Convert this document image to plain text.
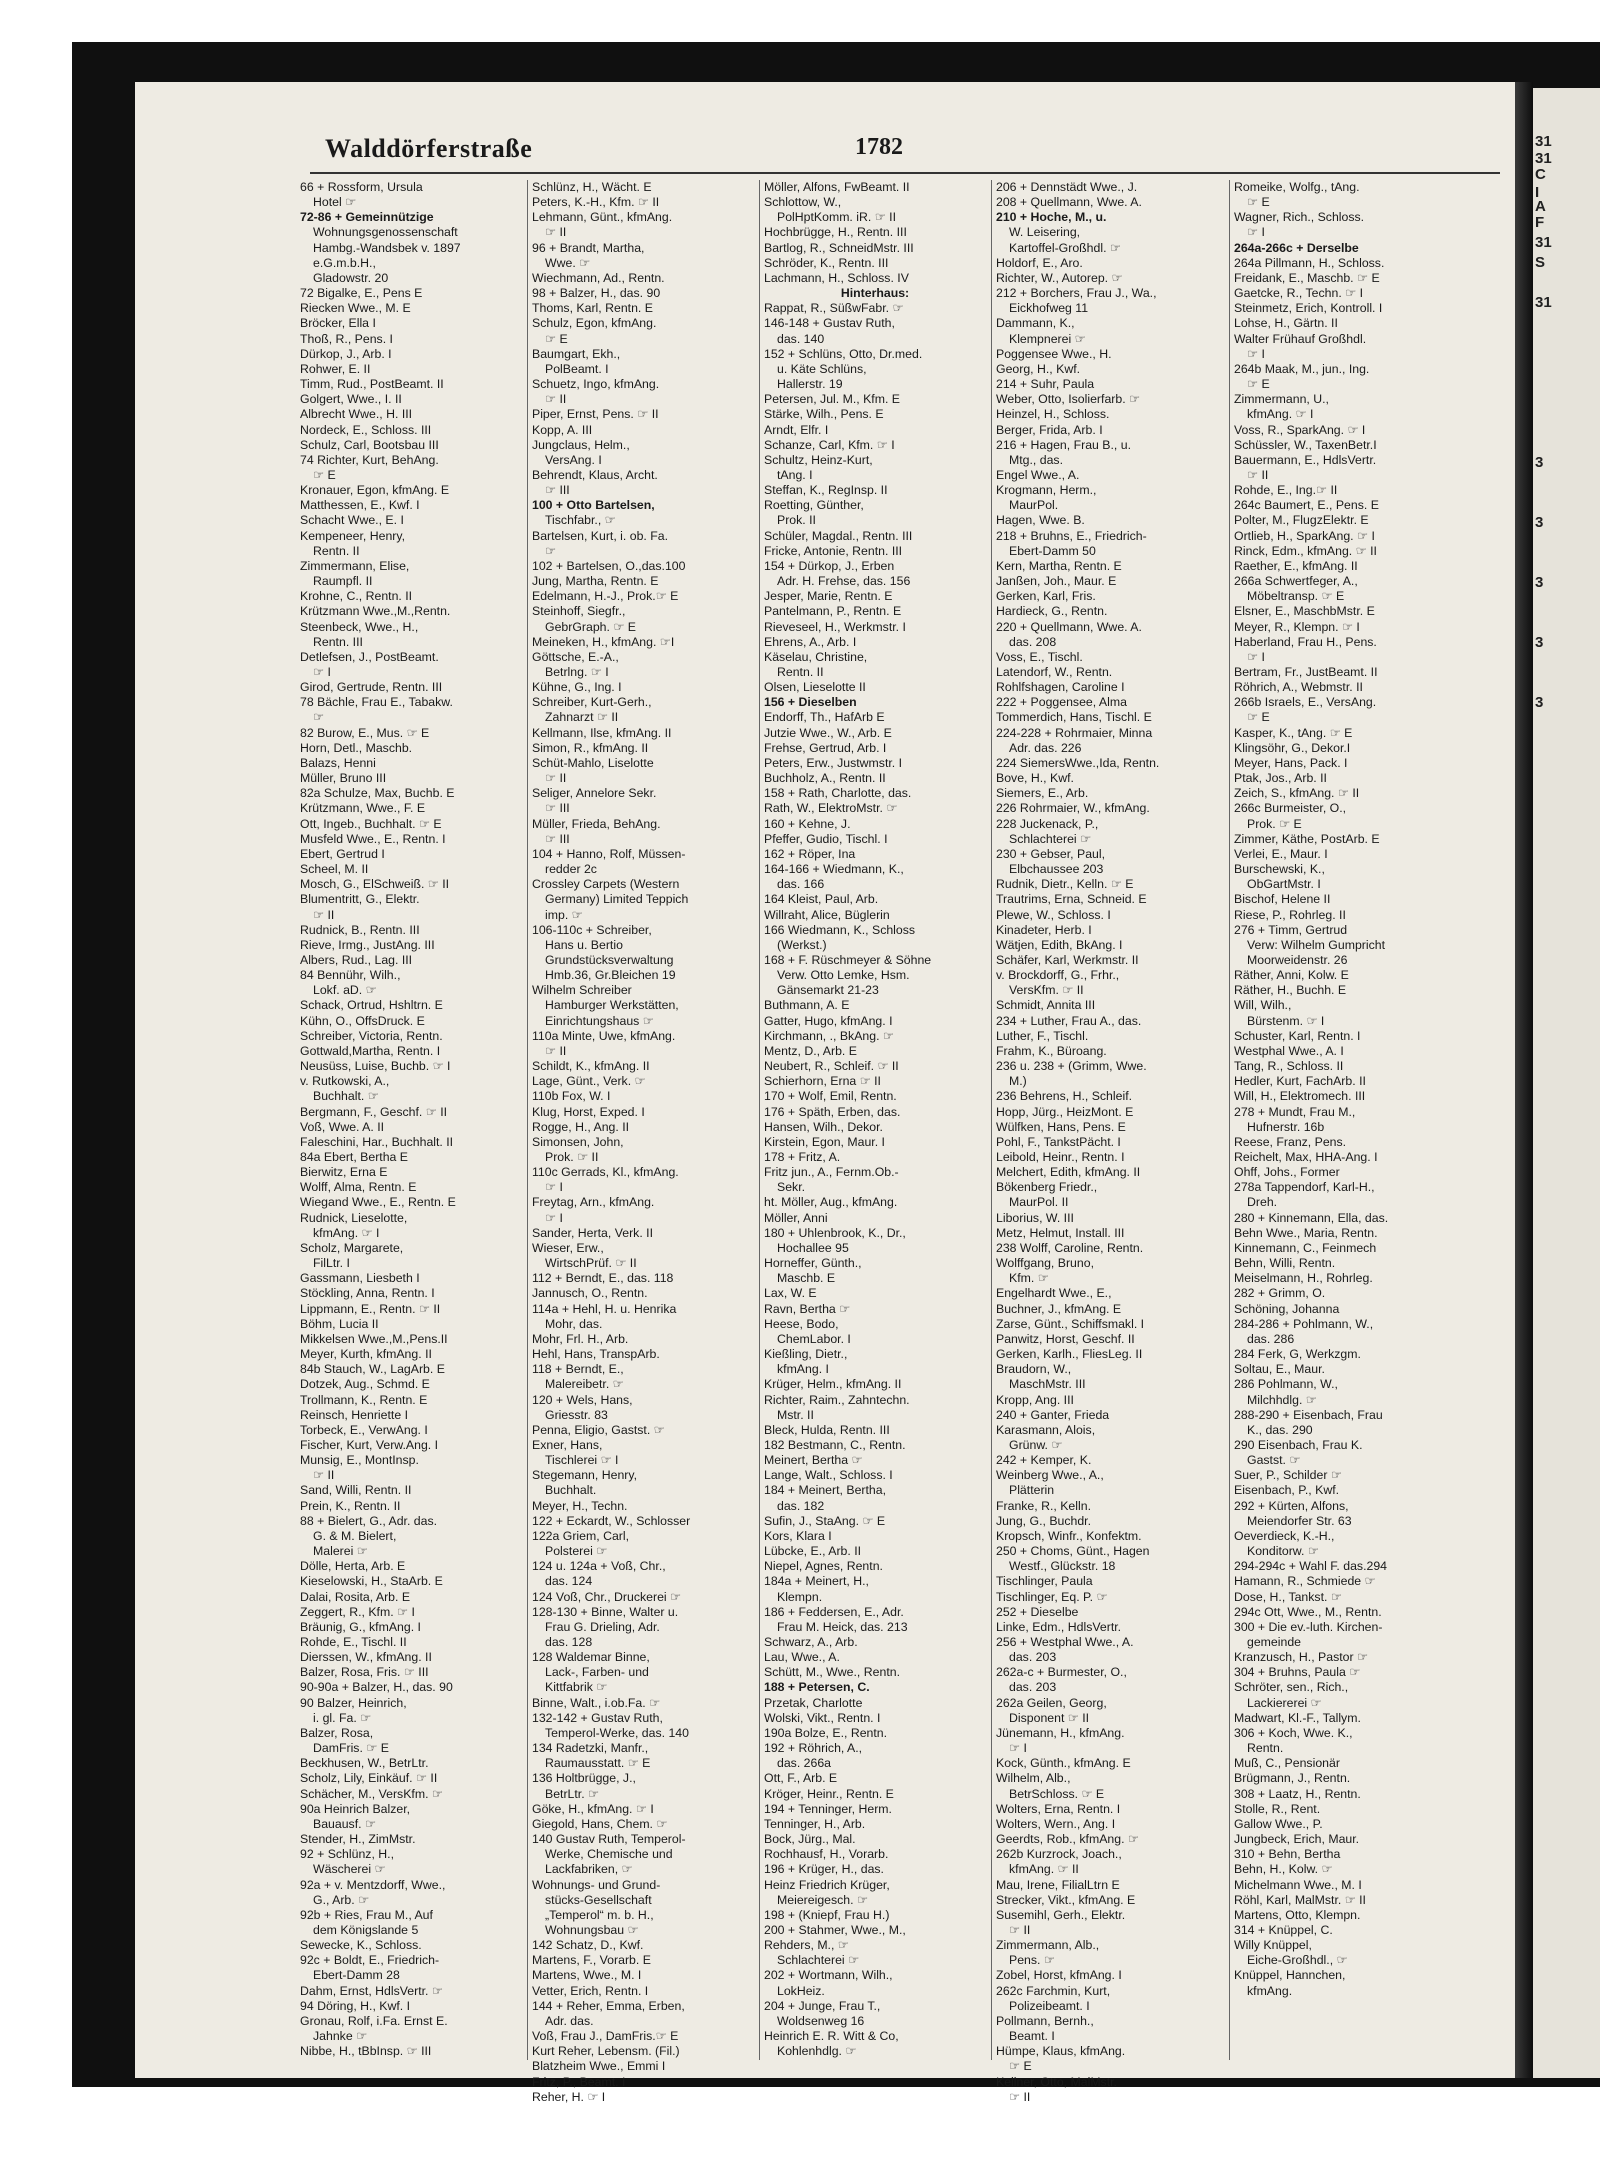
31
31
C
I
A
F
31
S
31
3
3
3
3
3
Walddörferstraße	1782
66 + Rossform, Ursula
Hotel ☞
72-86 + Gemeinnützige
Wohnungsgenossenschaft
Hambg.-Wandsbek v. 1897
e.G.m.b.H.,
Gladowstr. 20
72 Bigalke, E., Pens E
Riecken Wwe., M. E
Bröcker, Ella I
Thoß, R., Pens. I
Dürkop, J., Arb. I
Rohwer, E. II
Timm, Rud., PostBeamt. II
Golgert, Wwe., I. II
Albrecht Wwe., H. III
Nordeck, E., Schloss. III
Schulz, Carl, Bootsbau III
74 Richter, Kurt, BehAng.
☞ E
Kronauer, Egon, kfmAng. E
Matthessen, E., Kwf. I
Schacht Wwe., E. I
Kempeneer, Henry,
Rentn. II
Zimmermann, Elise,
Raumpfl. II
Krohne, C., Rentn. II
Krützmann Wwe.,M.,Rentn.
Steenbeck, Wwe., H.,
Rentn. III
Detlefsen, J., PostBeamt.
☞ I
Girod, Gertrude, Rentn. III
78 Bächle, Frau E., Tabakw.
☞
82 Burow, E., Mus. ☞ E
Horn, Detl., Maschb.
Balazs, Henni
Müller, Bruno III
82a Schulze, Max, Buchb. E
Krützmann, Wwe., F. E
Ott, Ingeb., Buchhalt. ☞ E
Musfeld Wwe., E., Rentn. I
Ebert, Gertrud I
Scheel, M. II
Mosch, G., ElSchweiß. ☞ II
Blumentritt, G., Elektr.
☞ II
Rudnick, B., Rentn. III
Rieve, Irmg., JustAng. III
Albers, Rud., Lag. III
84 Bennühr, Wilh.,
Lokf. aD. ☞
Schack, Ortrud, Hshltrn. E
Kühn, O., OffsDruck. E
Schreiber, Victoria, Rentn.
Gottwald,Martha, Rentn. I
Neusüss, Luise, Buchb. ☞ I
v. Rutkowski, A.,
Buchhalt. ☞
Bergmann, F., Geschf. ☞ II
Voß, Wwe. A. II
Faleschini, Har., Buchhalt. II
84a Ebert, Bertha E
Bierwitz, Erna E
Wolff, Alma, Rentn. E
Wiegand Wwe., E., Rentn. E
Rudnick, Lieselotte,
kfmAng. ☞ I
Scholz, Margarete,
FilLtr. I
Gassmann, Liesbeth I
Stöckling, Anna, Rentn. I
Lippmann, E., Rentn. ☞ II
Böhm, Lucia II
Mikkelsen Wwe.,M.,Pens.II
Meyer, Kurth, kfmAng. II
84b Stauch, W., LagArb. E
Dotzek, Aug., Schmd. E
Trollmann, K., Rentn. E
Reinsch, Henriette I
Torbeck, E., VerwAng. I
Fischer, Kurt, Verw.Ang. I
Munsig, E., MontInsp.
☞ II
Sand, Willi, Rentn. II
Prein, K., Rentn. II
88 + Bielert, G., Adr. das.
G. & M. Bielert,
Malerei ☞
Dölle, Herta, Arb. E
Kieselowski, H., StaArb. E
Dalai, Rosita, Arb. E
Zeggert, R., Kfm. ☞ I
Bräunig, G., kfmAng. I
Rohde, E., Tischl. II
Dierssen, W., kfmAng. II
Balzer, Rosa, Fris. ☞ III
90-90a + Balzer, H., das. 90
90 Balzer, Heinrich,
i. gl. Fa. ☞
Balzer, Rosa,
DamFris. ☞ E
Beckhusen, W., BetrLtr.
Scholz, Lily, Einkäuf. ☞ II
Schächer, M., VersKfm. ☞
90a Heinrich Balzer,
Bauausf. ☞
Stender, H., ZimMstr.
92 + Schlünz, H.,
Wäscherei ☞
92a + v. Mentzdorff, Wwe.,
G., Arb. ☞
92b + Ries, Frau M., Auf
dem Königslande 5
Sewecke, K., Schloss.
92c + Boldt, E., Friedrich-
Ebert-Damm 28
Dahm, Ernst, HdlsVertr. ☞
94 Döring, H., Kwf. I
Gronau, Rolf, i.Fa. Ernst E.
Jahnke ☞
Nibbe, H., tBbInsp. ☞ III
Schlünz, H., Wächt. E
Peters, K.-H., Kfm. ☞ II
Lehmann, Günt., kfmAng.
☞ II
96 + Brandt, Martha,
Wwe. ☞
Wiechmann, Ad., Rentn.
98 + Balzer, H., das. 90
Thoms, Karl, Rentn. E
Schulz, Egon, kfmAng.
☞ E
Baumgart, Ekh.,
PolBeamt. I
Schuetz, Ingo, kfmAng.
☞ II
Piper, Ernst, Pens. ☞ II
Kopp, A. III
Jungclaus, Helm.,
VersAng. I
Behrendt, Klaus, Archt.
☞ III
100 + Otto Bartelsen,
Tischfabr., ☞
Bartelsen, Kurt, i. ob. Fa.
☞
102 + Bartelsen, O.,das.100
Jung, Martha, Rentn. E
Edelmann, H.-J., Prok.☞ E
Steinhoff, Siegfr.,
GebrGraph. ☞ E
Meineken, H., kfmAng. ☞I
Göttsche, E.-A.,
Betrlng. ☞ I
Kühne, G., Ing. I
Schreiber, Kurt-Gerh.,
Zahnarzt ☞ II
Kellmann, Ilse, kfmAng. II
Simon, R., kfmAng. II
Schüt-Mahlo, Liselotte
☞ II
Seliger, Annelore Sekr.
☞ III
Müller, Frieda, BehAng.
☞ III
104 + Hanno, Rolf, Müssen-
redder 2c
Crossley Carpets (Western
Germany) Limited Teppich
imp. ☞
106-110c + Schreiber,
Hans u. Bertio
Grundstücksverwaltung
Hmb.36, Gr.Bleichen 19
Wilhelm Schreiber
Hamburger Werkstätten,
Einrichtungshaus ☞
110a Minte, Uwe, kfmAng.
☞ II
Schildt, K., kfmAng. II
Lage, Günt., Verk. ☞
110b Fox, W. I
Klug, Horst, Exped. I
Rogge, H., Ang. II
Simonsen, John,
Prok. ☞ II
110c Gerrads, Kl., kfmAng.
☞ I
Freytag, Arn., kfmAng.
☞ I
Sander, Herta, Verk. II
Wieser, Erw.,
WirtschPrüf. ☞ II
112 + Berndt, E., das. 118
Jannusch, O., Rentn.
114a + Hehl, H. u. Henrika
Mohr, das.
Mohr, Frl. H., Arb.
Hehl, Hans, TranspArb.
118 + Berndt, E.,
Malereibetr. ☞
120 + Wels, Hans,
Griesstr. 83
Penna, Eligio, Gastst. ☞
Exner, Hans,
Tischlerei ☞ I
Stegemann, Henry,
Buchhalt.
Meyer, H., Techn.
122 + Eckardt, W., Schlosser
122a Griem, Carl,
Polsterei ☞
124 u. 124a + Voß, Chr.,
das. 124
124 Voß, Chr., Druckerei ☞
128-130 + Binne, Walter u.
Frau G. Drieling, Adr.
das. 128
128 Waldemar Binne,
Lack-, Farben- und
Kittfabrik ☞
Binne, Walt., i.ob.Fa. ☞
132-142 + Gustav Ruth,
Temperol-Werke, das. 140
134 Radetzki, Manfr.,
Raumausstatt. ☞ E
136 Holtbrügge, J.,
BetrLtr. ☞
Göke, H., kfmAng. ☞ I
Giegold, Hans, Chem. ☞
140 Gustav Ruth, Temperol-
Werke, Chemische und
Lackfabriken, ☞
Wohnungs- und Grund-
stücks-Gesellschaft
„Temperol“ m. b. H.,
Wohnungsbau ☞
142 Schatz, D., Kwf.
Martens, F., Vorarb. E
Martens, Wwe., M. I
Vetter, Erich, Rentn. I
144 + Reher, Emma, Erben,
Adr. das.
Voß, Frau J., DamFris.☞ E
Kurt Reher, Lebensm. (Fil.)
Blatzheim Wwe., Emmi I
Fritz, P., Beamt. I
Reher, H. ☞ I
Möller, Alfons, FwBeamt. II
Schlottow, W.,
PolHptKomm. iR. ☞ II
Hochbrügge, H., Rentn. III
Bartlog, R., SchneidMstr. III
Schröder, K., Rentn. III
Lachmann, H., Schloss. IV
Hinterhaus:
Rappat, R., SüßwFabr. ☞
146-148 + Gustav Ruth,
das. 140
152 + Schlüns, Otto, Dr.med.
u. Käte Schlüns,
Hallerstr. 19
Petersen, Jul. M., Kfm. E
Stärke, Wilh., Pens. E
Arndt, Elfr. I
Schanze, Carl, Kfm. ☞ I
Schultz, Heinz-Kurt,
tAng. I
Steffan, K., RegInsp. II
Roetting, Günther,
Prok. II
Schüler, Magdal., Rentn. III
Fricke, Antonie, Rentn. III
154 + Dürkop, J., Erben
Adr. H. Frehse, das. 156
Jesper, Marie, Rentn. E
Pantelmann, P., Rentn. E
Rieveseel, H., Werkmstr. I
Ehrens, A., Arb. I
Käselau, Christine,
Rentn. II
Olsen, Lieselotte II
156 + Dieselben
Endorff, Th., HafArb E
Jutzie Wwe., W., Arb. E
Frehse, Gertrud, Arb. I
Peters, Erw., Justwmstr. I
Buchholz, A., Rentn. II
158 + Rath, Charlotte, das.
Rath, W., ElektroMstr. ☞
160 + Kehne, J.
Pfeffer, Gudio, Tischl. I
162 + Röper, Ina
164-166 + Wiedmann, K.,
das. 166
164 Kleist, Paul, Arb.
Willraht, Alice, Büglerin
166 Wiedmann, K., Schloss
(Werkst.)
168 + F. Rüschmeyer & Söhne
Verw. Otto Lemke, Hsm.
Gänsemarkt 21-23
Buthmann, A. E
Gatter, Hugo, kfmAng. I
Kirchmann, ., BkAng. ☞
Mentz, D., Arb. E
Neubert, R., Schleif. ☞ II
Schierhorn, Erna ☞ II
170 + Wolf, Emil, Rentn.
176 + Späth, Erben, das.
Hansen, Wilh., Dekor.
Kirstein, Egon, Maur. I
178 + Fritz, A.
Fritz jun., A., Fernm.Ob.-
Sekr.
ht. Möller, Aug., kfmAng.
Möller, Anni
180 + Uhlenbrook, K., Dr.,
Hochallee 95
Horneffer, Günth.,
Maschb. E
Lax, W. E
Ravn, Bertha ☞
Heese, Bodo,
ChemLabor. I
Kießling, Dietr.,
kfmAng. I
Krüger, Helm., kfmAng. II
Richter, Raim., Zahntechn.
Mstr. II
Bleck, Hulda, Rentn. III
182 Bestmann, C., Rentn.
Meinert, Bertha ☞
Lange, Walt., Schloss. I
184 + Meinert, Bertha,
das. 182
Sufin, J., StaAng. ☞ E
Kors, Klara I
Lübcke, E., Arb. II
Niepel, Agnes, Rentn.
184a + Meinert, H.,
Klempn.
186 + Feddersen, E., Adr.
Frau M. Heick, das. 213
Schwarz, A., Arb.
Lau, Wwe., A.
Schütt, M., Wwe., Rentn.
188 + Petersen, C.
Przetak, Charlotte
Wolski, Vikt., Rentn. I
190a Bolze, E., Rentn.
192 + Röhrich, A.,
das. 266a
Ott, F., Arb. E
Kröger, Heinr., Rentn. E
194 + Tenninger, Herm.
Tenninger, H., Arb.
Bock, Jürg., Mal.
Rochhausf, H., Vorarb.
196 + Krüger, H., das.
Heinz Friedrich Krüger,
Meiereigesch. ☞
198 + (Kniepf, Frau H.)
200 + Stahmer, Wwe., M.,
Rehders, M., ☞
Schlachterei ☞
202 + Wortmann, Wilh.,
LokHeiz.
204 + Junge, Frau T.,
Woldsenweg 16
Heinrich E. R. Witt & Co,
Kohlenhdlg. ☞
206 + Dennstädt Wwe., J.
208 + Quellmann, Wwe. A.
210 + Hoche, M., u.
W. Leisering,
Kartoffel-Großhdl. ☞
Holdorf, E., Aro.
Richter, W., Autorep. ☞
212 + Borchers, Frau J., Wa.,
Eickhofweg 11
Dammann, K.,
Klempnerei ☞
Poggensee Wwe., H.
Georg, H., Kwf.
214 + Suhr, Paula
Weber, Otto, Isolierfarb. ☞
Heinzel, H., Schloss.
Berger, Frida, Arb. I
216 + Hagen, Frau B., u.
Mtg., das.
Engel Wwe., A.
Krogmann, Herm.,
MaurPol.
Hagen, Wwe. B.
218 + Bruhns, E., Friedrich-
Ebert-Damm 50
Kern, Martha, Rentn. E
Janßen, Joh., Maur. E
Gerken, Karl, Fris.
Hardieck, G., Rentn.
220 + Quellmann, Wwe. A.
das. 208
Voss, E., Tischl.
Latendorf, W., Rentn.
Rohlfshagen, Caroline I
222 + Poggensee, Alma
Tommerdich, Hans, Tischl. E
224-228 + Rohrmaier, Minna
Adr. das. 226
224 SiemersWwe.,Ida, Rentn.
Bove, H., Kwf.
Siemers, E., Arb.
226 Rohrmaier, W., kfmAng.
228 Juckenack, P.,
Schlachterei ☞
230 + Gebser, Paul,
Elbchaussee 203
Rudnik, Dietr., Kelln. ☞ E
Trautrims, Erna, Schneid. E
Plewe, W., Schloss. I
Kinadeter, Herb. I
Wätjen, Edith, BkAng. I
Schäfer, Karl, Werkmstr. II
v. Brockdorff, G., Frhr.,
VersKfm. ☞ II
Schmidt, Annita III
234 + Luther, Frau A., das.
Luther, F., Tischl.
Frahm, K., Büroang.
236 u. 238 + (Grimm, Wwe.
M.)
236 Behrens, H., Schleif.
Hopp, Jürg., HeizMont. E
Wülfken, Hans, Pens. E
Pohl, F., TankstPächt. I
Leibold, Heinr., Rentn. I
Melchert, Edith, kfmAng. II
Bökenberg Friedr.,
MaurPol. II
Liborius, W. III
Metz, Helmut, Install. III
238 Wolff, Caroline, Rentn.
Wolffgang, Bruno,
Kfm. ☞
Engelhardt Wwe., E.,
Buchner, J., kfmAng. E
Zarse, Günt., Schiffsmakl. I
Panwitz, Horst, Geschf. II
Gerken, Karlh., FliesLeg. II
Braudorn, W.,
MaschMstr. III
Kropp, Ang. III
240 + Ganter, Frieda
Karasmann, Alois,
Grünw. ☞
242 + Kemper, K.
Weinberg Wwe., A.,
Plätterin
Franke, R., Kelln.
Jung, G., Buchdr.
Kropsch, Winfr., Konfektm.
250 + Choms, Günt., Hagen
Westf., Glückstr. 18
Tischlinger, Paula
Tischlinger, Eq. P. ☞
252 + Dieselbe
Linke, Edm., HdlsVertr.
256 + Westphal Wwe., A.
das. 203
262a-c + Burmester, O.,
das. 203
262a Geilen, Georg,
Disponent ☞ II
Jünemann, H., kfmAng.
☞ I
Kock, Günth., kfmAng. E
Wilhelm, Alb.,
BetrSchloss. ☞ E
Wolters, Erna, Rentn. I
Wolters, Wern., Ang. I
Geerdts, Rob., kfmAng. ☞
262b Kurzrock, Joach.,
kfmAng. ☞ II
Mau, Irene, FilialLtrn E
Strecker, Vikt., kfmAng. E
Susemihl, Gerh., Elektr.
☞ II
Zimmermann, Alb.,
Pens. ☞
Zobel, Horst, kfmAng. I
262c Farchmin, Kurt,
Polizeibeamt. I
Pollmann, Bernh.,
Beamt. I
Hümpe, Klaus, kfmAng.
☞ E
Kellner, Otto, MalMstr.
☞ II
Romeike, Wolfg., tAng.
☞ E
Wagner, Rich., Schloss.
☞ I
264a-266c + Derselbe
264a Pillmann, H., Schloss.
Freidank, E., Maschb. ☞ E
Gaetcke, R., Techn. ☞ I
Steinmetz, Erich, Kontroll. I
Lohse, H., Gärtn. II
Walter Frühauf Großhdl.
☞ I
264b Maak, M., jun., Ing.
☞ E
Zimmermann, U.,
kfmAng. ☞ I
Voss, R., SparkAng. ☞ I
Schüssler, W., TaxenBetr.I
Bauermann, E., HdlsVertr.
☞ II
Rohde, E., Ing.☞ II
264c Baumert, E., Pens. E
Polter, M., FlugzElektr. E
Ortlieb, H., SparkAng. ☞ I
Rinck, Edm., kfmAng. ☞ II
Raether, E., kfmAng. II
266a Schwertfeger, A.,
Möbeltransp. ☞ E
Elsner, E., MaschbMstr. E
Meyer, R., Klempn. ☞ I
Haberland, Frau H., Pens.
☞ I
Bertram, Fr., JustBeamt. II
Röhrich, A., Webmstr. II
266b Israels, E., VersAng.
☞ E
Kasper, K., tAng. ☞ E
Klingsöhr, G., Dekor.I
Meyer, Hans, Pack. I
Ptak, Jos., Arb. II
Zeich, S., kfmAng. ☞ II
266c Burmeister, O.,
Prok. ☞ E
Zimmer, Käthe, PostArb. E
Verlei, E., Maur. I
Burschewski, K.,
ObGartMstr. I
Bischof, Helene II
Riese, P., Rohrleg. II
276 + Timm, Gertrud
Verw: Wilhelm Gumpricht
Moorweidenstr. 26
Räther, Anni, Kolw. E
Räther, H., Buchh. E
Will, Wilh.,
Bürstenm. ☞ I
Schuster, Karl, Rentn. I
Westphal Wwe., A. I
Tang, R., Schloss. II
Hedler, Kurt, FachArb. II
Will, H., Elektromech. III
278 + Mundt, Frau M.,
Hufnerstr. 16b
Reese, Franz, Pens.
Reichelt, Max, HHA-Ang. I
Ohff, Johs., Former
278a Tappendorf, Karl-H.,
Dreh.
280 + Kinnemann, Ella, das.
Behn Wwe., Maria, Rentn.
Kinnemann, C., Feinmech
Behn, Willi, Rentn.
Meiselmann, H., Rohrleg.
282 + Grimm, O.
Schöning, Johanna
284-286 + Pohlmann, W.,
das. 286
284 Ferk, G, Werkzgm.
Soltau, E., Maur.
286 Pohlmann, W.,
Milchhdlg. ☞
288-290 + Eisenbach, Frau
K., das. 290
290 Eisenbach, Frau K.
Gastst. ☞
Suer, P., Schilder ☞
Eisenbach, P., Kwf.
292 + Kürten, Alfons,
Meiendorfer Str. 63
Oeverdieck, K.-H.,
Konditorw. ☞
294-294c + Wahl F. das.294
Hamann, R., Schmiede ☞
Dose, H., Tankst. ☞
294c Ott, Wwe., M., Rentn.
300 + Die ev.-luth. Kirchen-
gemeinde
Kranzusch, H., Pastor ☞
304 + Bruhns, Paula ☞
Schröter, sen., Rich.,
Lackiererei ☞
Madwart, Kl.-F., Tallym.
306 + Koch, Wwe. K.,
Rentn.
Muß, C., Pensionär
Brügmann, J., Rentn.
308 + Laatz, H., Rentn.
Stolle, R., Rent.
Gallow Wwe., P.
Jungbeck, Erich, Maur.
310 + Behn, Bertha
Behn, H., Kolw. ☞
Michelmann Wwe., M. I
Röhl, Karl, MalMstr. ☞ II
Martens, Otto, Klempn.
314 + Knüppel, C.
Willy Knüppel,
Eiche-Großhdl., ☞
Knüppel, Hannchen,
kfmAng.
